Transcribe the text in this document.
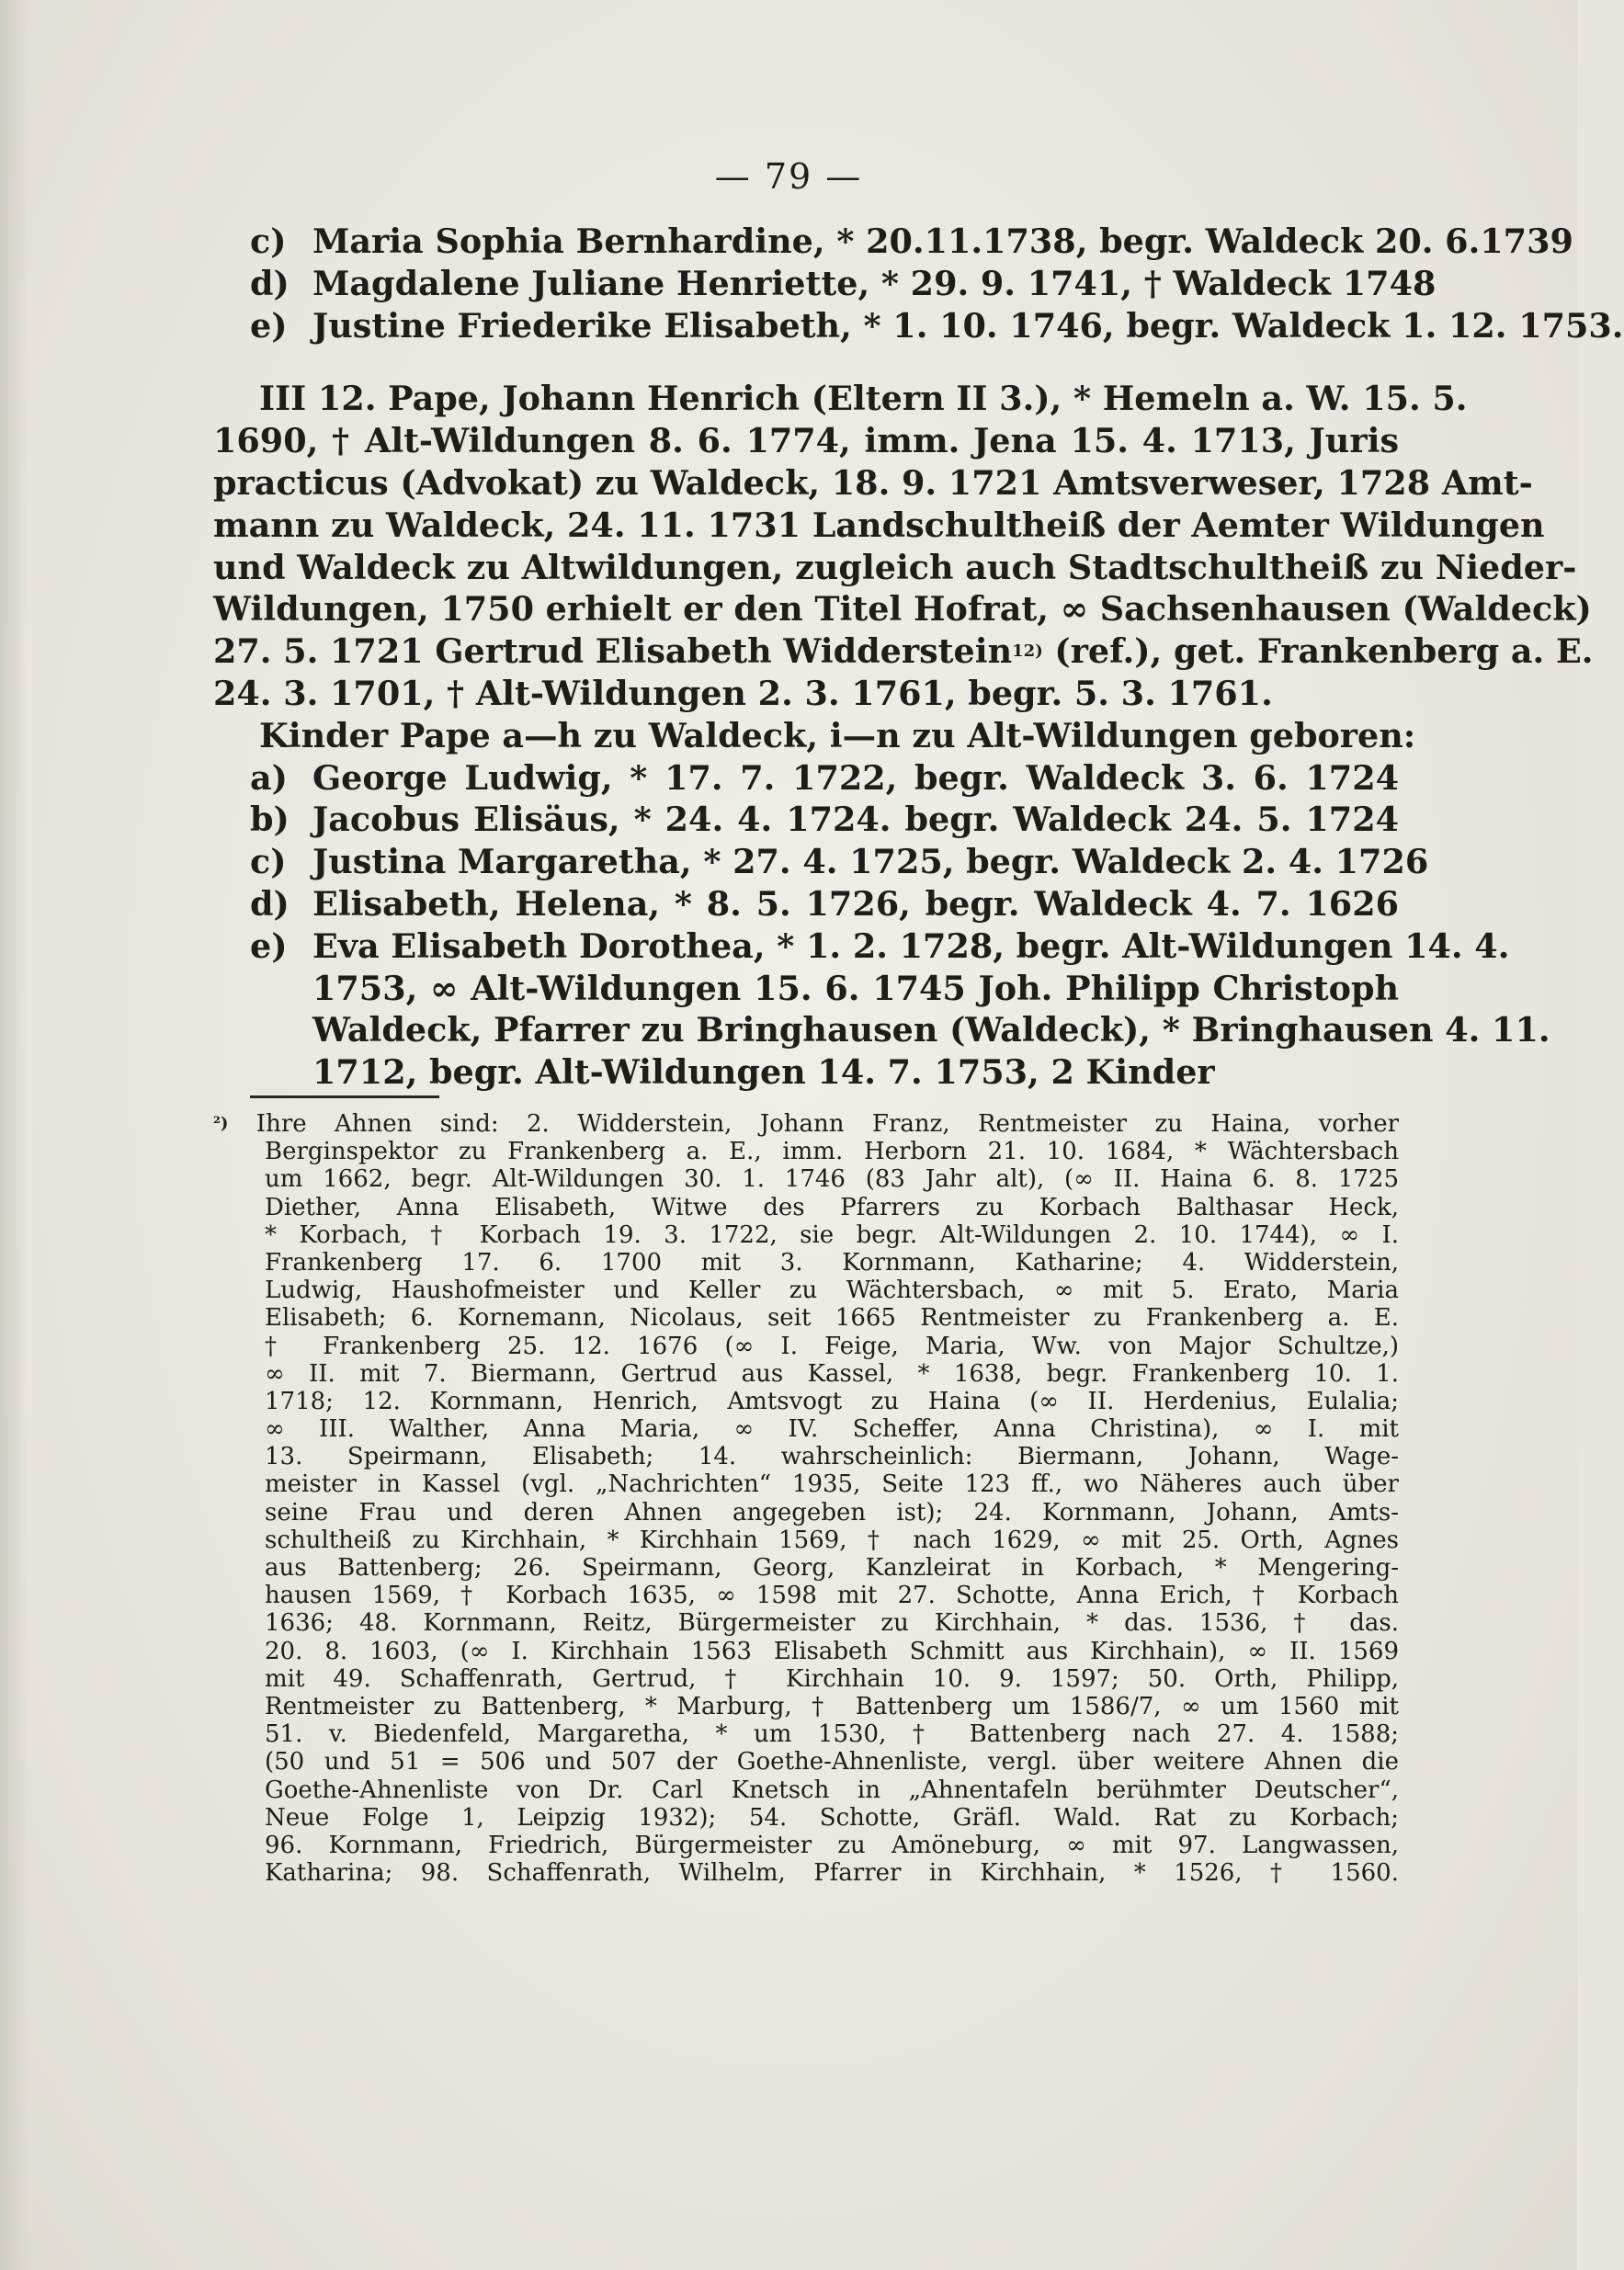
— 79 —
c) Maria Sophia Bernhardine, * 20.11.1738, begr. Waldeck 20. 6.1739
d) Magdalene Juliane Henriette, * 29. 9. 1741, † Waldeck 1748
e) Justine Friederike Elisabeth, * 1. 10. 1746, begr. Waldeck 1. 12. 1753.
III 12. Pape, Johann Henrich (Eltern II 3.), * Hemeln a. W. 15. 5.
1690, † Alt-Wildungen 8. 6. 1774, imm. Jena 15. 4. 1713, Juris
practicus (Advokat) zu Waldeck, 18. 9. 1721 Amtsverweser, 1728 Amt-
mann zu Waldeck, 24. 11. 1731 Landschultheiß der Aemter Wildungen
und Waldeck zu Altwildungen, zugleich auch Stadtschultheiß zu Nieder-
Wildungen, 1750 erhielt er den Titel Hofrat, ∞ Sachsenhausen (Waldeck)
27. 5. 1721 Gertrud Elisabeth Widderstein$^{12)}$ (ref.), get. Frankenberg a. E.
24. 3. 1701, † Alt-Wildungen 2. 3. 1761, begr. 5. 3. 1761.
Kinder Pape a—h zu Waldeck, i—n zu Alt-Wildungen geboren:
a) George Ludwig, * 17. 7. 1722, begr. Waldeck 3. 6. 1724
b) Jacobus Elisäus, * 24. 4. 1724. begr. Waldeck 24. 5. 1724
c) Justina Margaretha, * 27. 4. 1725, begr. Waldeck 2. 4. 1726
d) Elisabeth, Helena, * 8. 5. 1726, begr. Waldeck 4. 7. 1626
e) Eva Elisabeth Dorothea, * 1. 2. 1728, begr. Alt-Wildungen 14. 4.
1753, ∞ Alt-Wildungen 15. 6. 1745 Joh. Philipp Christoph
Waldeck, Pfarrer zu Bringhausen (Waldeck), * Bringhausen 4. 11.
1712, begr. Alt-Wildungen 14. 7. 1753, 2 Kinder
$^{^2)}$ Ihre Ahnen sind: 2. Widderstein, Johann Franz, Rentmeister zu Haina, vorher
Berginspektor zu Frankenberg a. E., imm. Herborn 21. 10. 1684, * Wächtersbach
um 1662, begr. Alt-Wildungen 30. 1. 1746 (83 Jahr alt), (∞ II. Haina 6. 8. 1725
Diether, Anna Elisabeth, Witwe des Pfarrers zu Korbach Balthasar Heck,
* Korbach, † Korbach 19. 3. 1722, sie begr. Alt-Wildungen 2. 10. 1744), ∞ I.
Frankenberg 17. 6. 1700 mit 3. Kornmann, Katharine; 4. Widderstein,
Ludwig, Haushofmeister und Keller zu Wächtersbach, ∞ mit 5. Erato, Maria
Elisabeth; 6. Kornemann, Nicolaus, seit 1665 Rentmeister zu Frankenberg a. E.
† Frankenberg 25. 12. 1676 (∞ I. Feige, Maria, Ww. von Major Schultze,)
∞ II. mit 7. Biermann, Gertrud aus Kassel, * 1638, begr. Frankenberg 10. 1.
1718; 12. Kornmann, Henrich, Amtsvogt zu Haina (∞ II. Herdenius, Eulalia;
∞ III. Walther, Anna Maria, ∞ IV. Scheffer, Anna Christina), ∞ I. mit
13. Speirmann, Elisabeth; 14. wahrscheinlich: Biermann, Johann, Wage-
meister in Kassel (vgl. „Nachrichten“ 1935, Seite 123 ff., wo Näheres auch über
seine Frau und deren Ahnen angegeben ist); 24. Kornmann, Johann, Amts-
schultheiß zu Kirchhain, * Kirchhain 1569, † nach 1629, ∞ mit 25. Orth, Agnes
aus Battenberg; 26. Speirmann, Georg, Kanzleirat in Korbach, * Mengering-
hausen 1569, † Korbach 1635, ∞ 1598 mit 27. Schotte, Anna Erich, † Korbach
1636; 48. Kornmann, Reitz, Bürgermeister zu Kirchhain, * das. 1536, † das.
20. 8. 1603, (∞ I. Kirchhain 1563 Elisabeth Schmitt aus Kirchhain), ∞ II. 1569
mit 49. Schaffenrath, Gertrud, † Kirchhain 10. 9. 1597; 50. Orth, Philipp,
Rentmeister zu Battenberg, * Marburg, † Battenberg um 1586/7, ∞ um 1560 mit
51. v. Biedenfeld, Margaretha, * um 1530, † Battenberg nach 27. 4. 1588;
(50 und 51 = 506 und 507 der Goethe-Ahnenliste, vergl. über weitere Ahnen die
Goethe-Ahnenliste von Dr. Carl Knetsch in „Ahnentafeln berühmter Deutscher“,
Neue Folge 1, Leipzig 1932); 54. Schotte, Gräfl. Wald. Rat zu Korbach;
96. Kornmann, Friedrich, Bürgermeister zu Amöneburg, ∞ mit 97. Langwassen,
Katharina; 98. Schaffenrath, Wilhelm, Pfarrer in Kirchhain, * 1526, † 1560.
